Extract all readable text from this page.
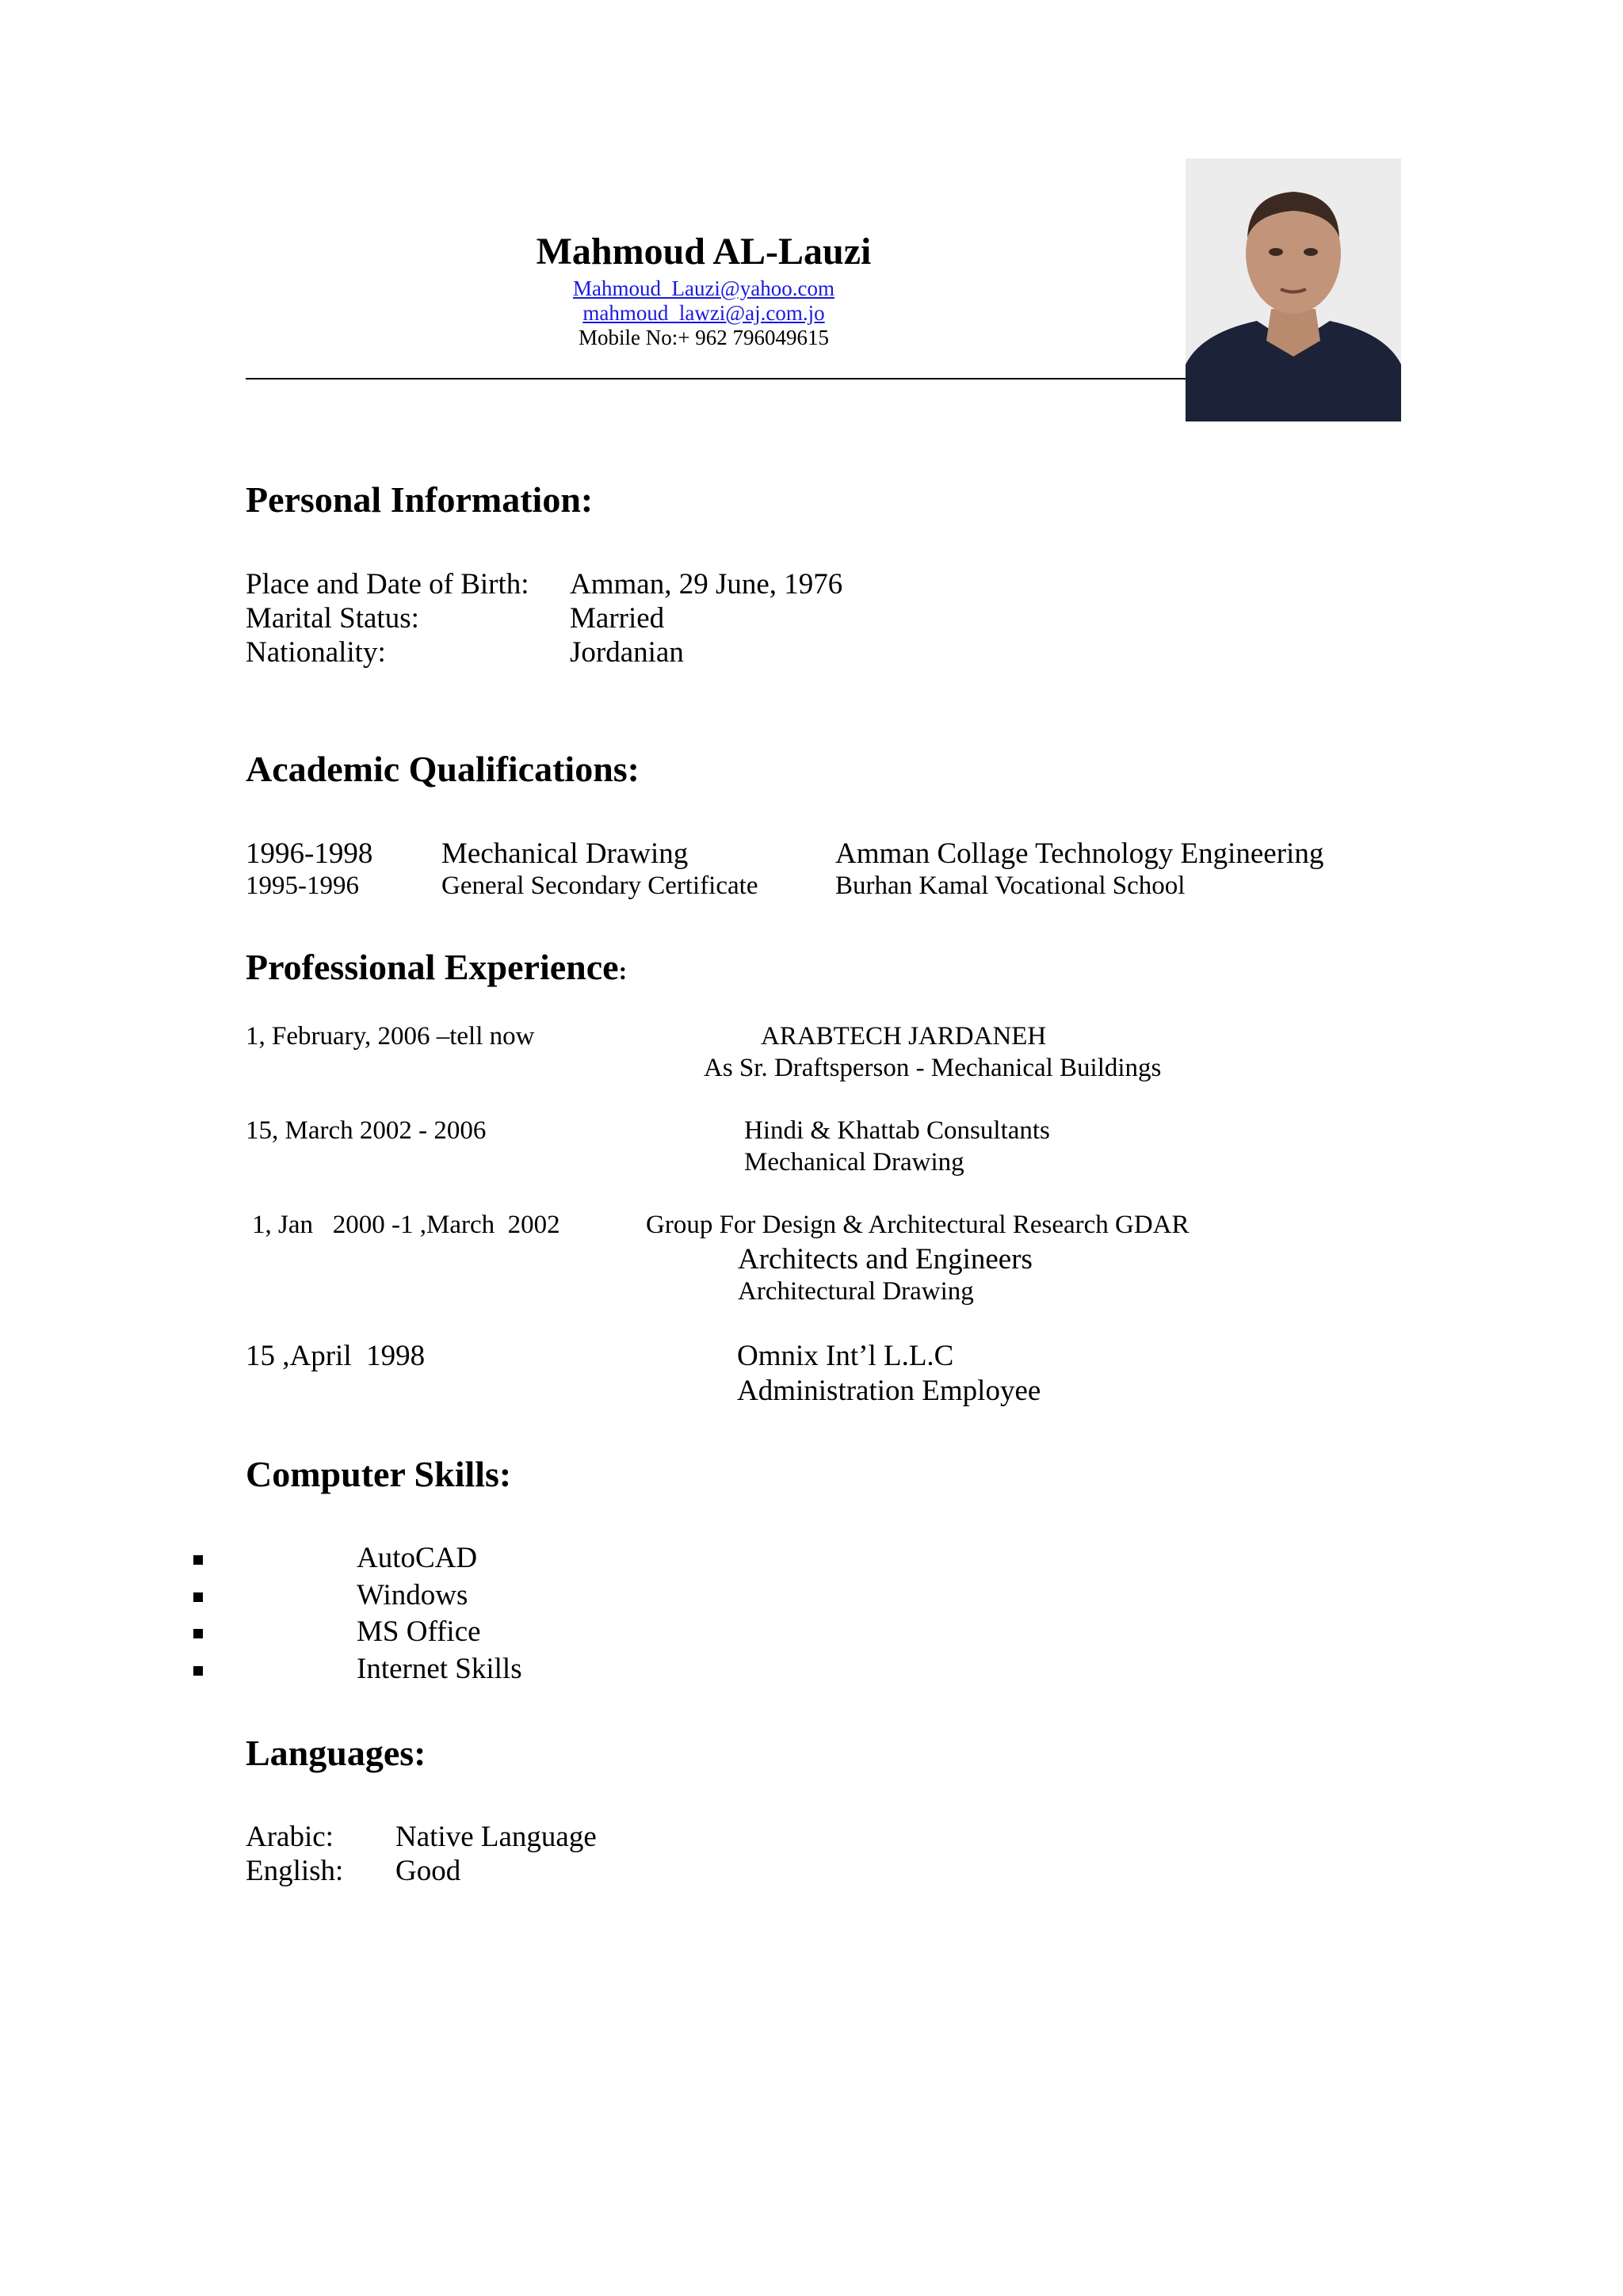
Mahmoud AL-Lauzi
Mahmoud_Lauzi@yahoo.com
mahmoud_lawzi@aj.com.jo
Mobile No:+ 962 796049615
Personal Information:
Place and Date of Birth: Amman, 29 June, 1976
Marital Status:	Married
Nationality:	Jordanian
Academic Qualifications:
1996-1998 Mechanical Drawing	Amman Collage Technology Engineering
1995-1996	General Secondary Certificate	Burhan Kamal Vocational School
Professional Experience:
1, February, 2006 –tell now	ARABTECH JARDANEH
As Sr. Draftsperson - Mechanical Buildings
15, March 2002 - 2006	Hindi & Khattab Consultants
Mechanical Drawing
1, Jan   2000 -1 ,March  2002	Group For Design & Architectural Research GDAR
Architects and Engineers
Architectural Drawing
15 ,April  1998	Omnix Int’l L.L.C
Administration Employee
Computer Skills:
AutoCAD
Windows
MS Office
Internet Skills
Languages:
Arabic: Native Language
English: Good
